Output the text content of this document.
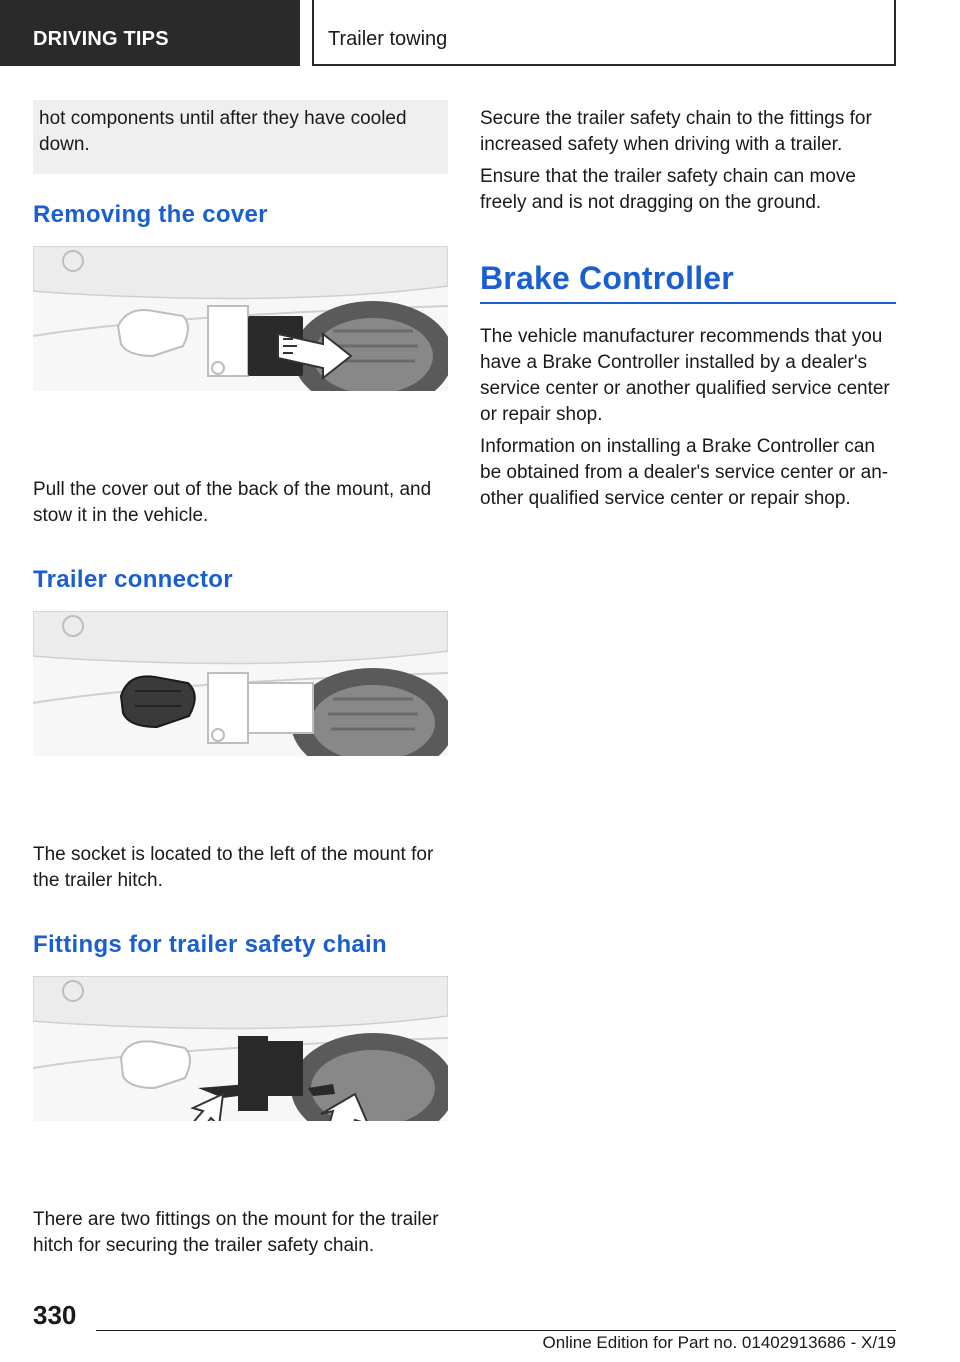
DRIVING TIPS	Trailer towing

hot components until after they have cooled down.

Removing the cover

Pull the cover out of the back of the mount, and stow it in the vehicle.

Trailer connector

The socket is located to the left of the mount for the trailer hitch.

Fittings for trailer safety chain

There are two fittings on the mount for the trailer hitch for securing the trailer safety chain.

Secure the trailer safety chain to the fittings for increased safety when driving with a trailer.

Ensure that the trailer safety chain can move freely and is not dragging on the ground.

Brake Controller

The vehicle manufacturer recommends that you have a Brake Controller installed by a dealer's service center or another qualified service center or repair shop.

Information on installing a Brake Controller can be obtained from a dealer's service center or an-other qualified service center or repair shop.

330
Online Edition for Part no. 01402913686 - X/19
